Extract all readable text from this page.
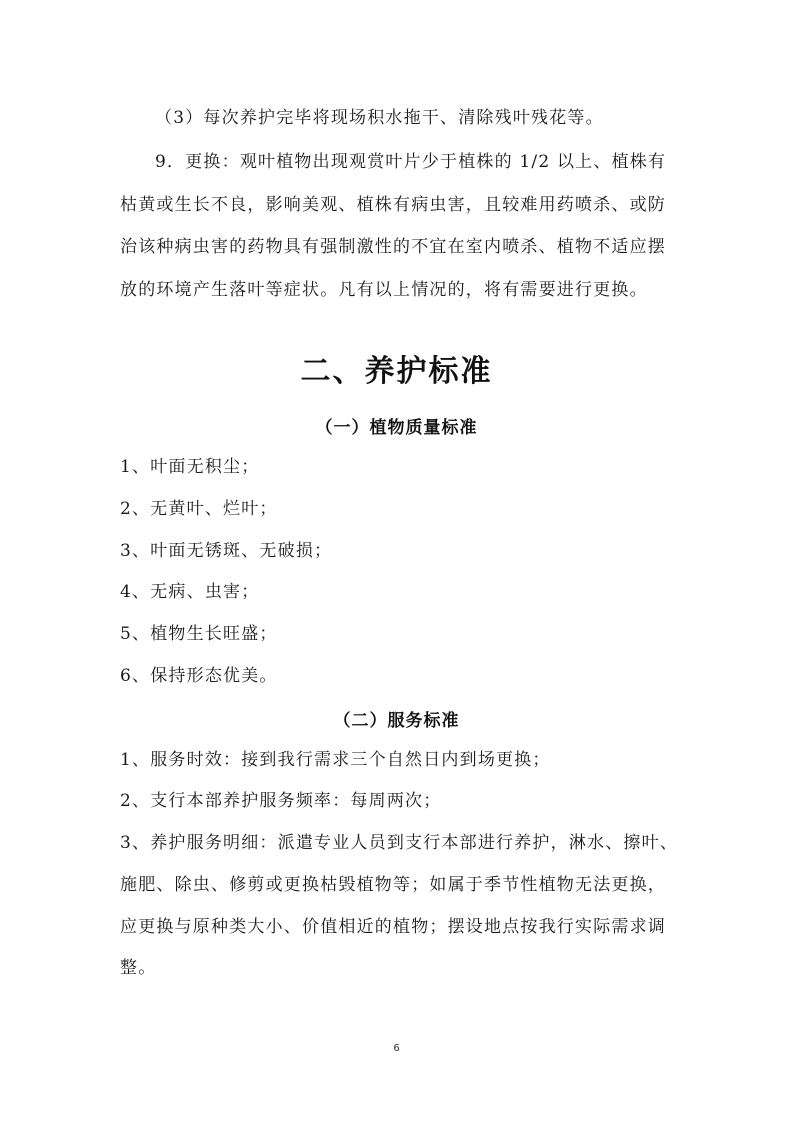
（3）每次养护完毕将现场积水拖干、清除残叶残花等。
9．更换：观叶植物出现观赏叶片少于植株的 1/2 以上、植株有
枯黄或生长不良，影响美观、植株有病虫害，且较难用药喷杀、或防
治该种病虫害的药物具有强制激性的不宜在室内喷杀、植物不适应摆
放的环境产生落叶等症状。凡有以上情况的，将有需要进行更换。
二、养护标准
（一）植物质量标准
1、叶面无积尘；
2、无黄叶、烂叶；
3、叶面无锈斑、无破损；
4、无病、虫害；
5、植物生长旺盛；
6、保持形态优美。
（二）服务标准
1、服务时效：接到我行需求三个自然日内到场更换；
2、支行本部养护服务频率：每周两次；
3、养护服务明细：派遣专业人员到支行本部进行养护，淋水、擦叶、
施肥、除虫、修剪或更换枯毁植物等；如属于季节性植物无法更换，
应更换与原种类大小、价值相近的植物；摆设地点按我行实际需求调
整。
6
